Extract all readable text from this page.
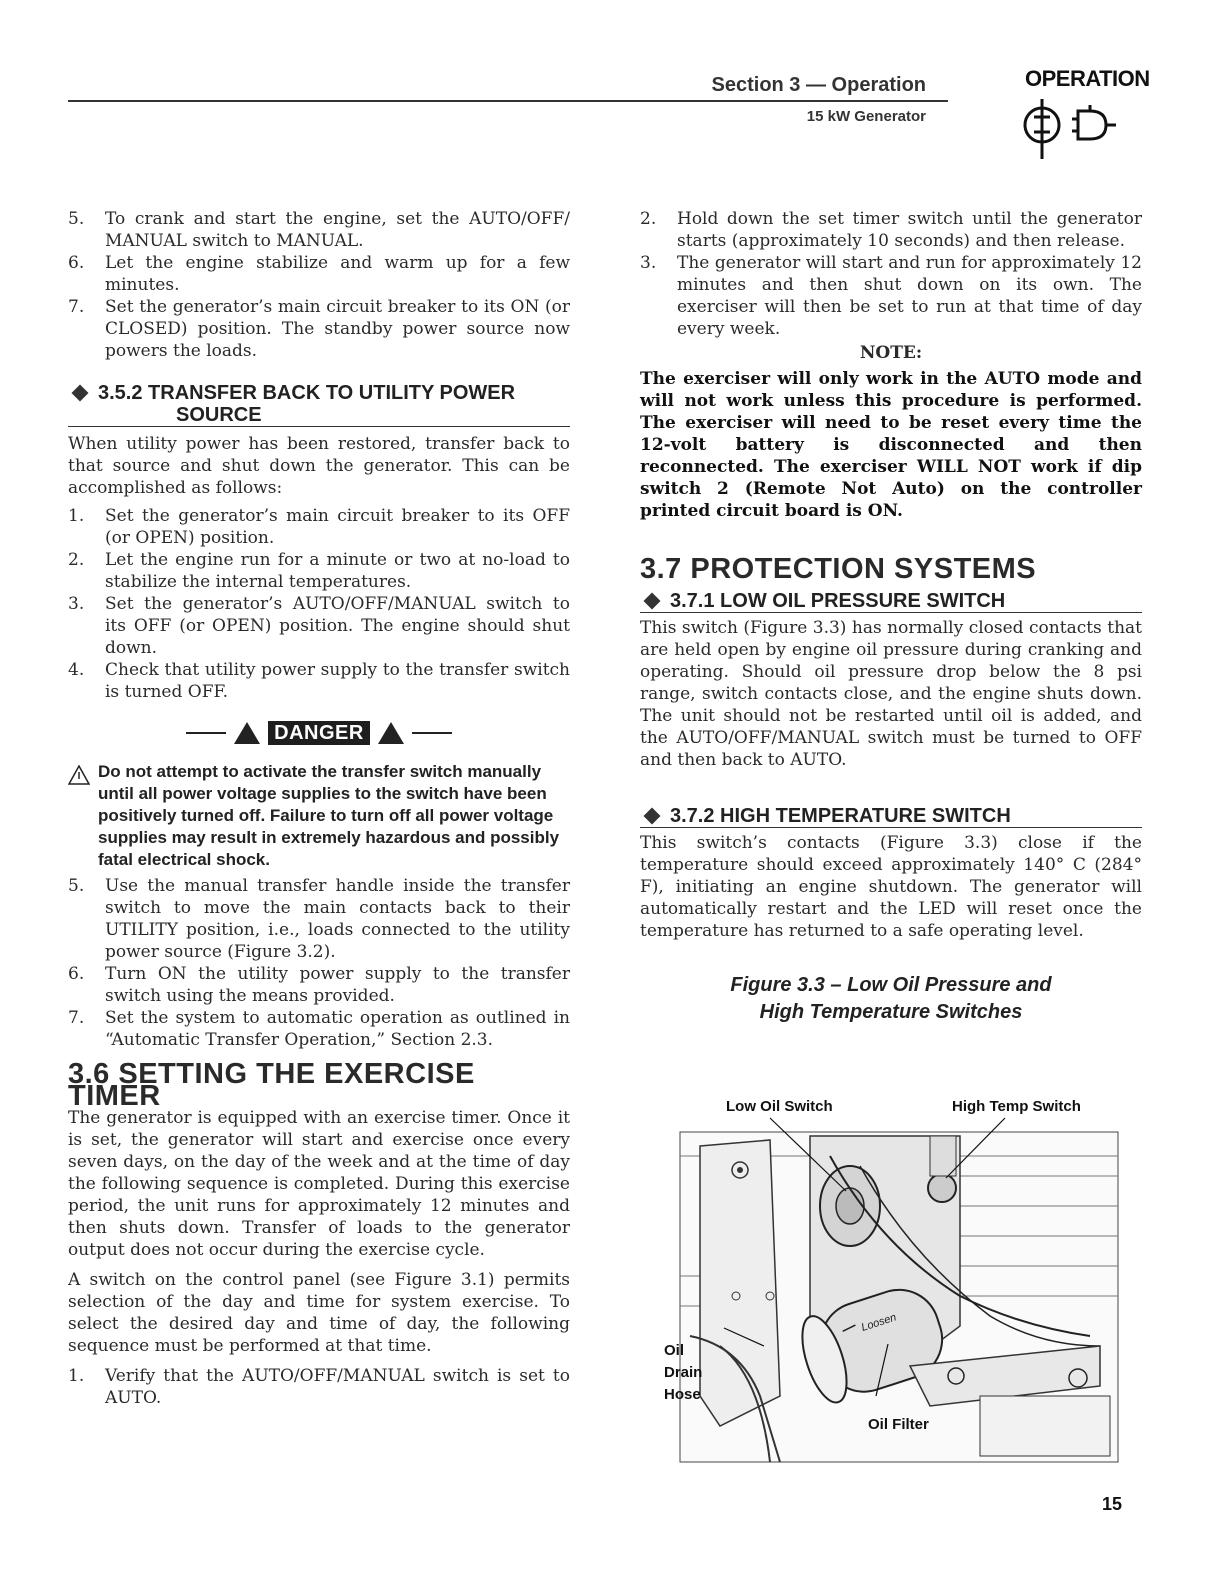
Section 3 — Operation
15 kW Generator
OPERATION
5. To crank and start the engine, set the AUTO/OFF/ MANUAL switch to MANUAL.
6. Let the engine stabilize and warm up for a few minutes.
7. Set the generator’s main circuit breaker to its ON (or CLOSED) position. The standby power source now powers the loads.
3.5.2 TRANSFER BACK TO UTILITY POWER
SOURCE

When utility power has been restored, transfer back to that source and shut down the generator. This can be accomplished as follows:

1. Set the generator’s main circuit breaker to its OFF (or OPEN) position.
2. Let the engine run for a minute or two at no-load to stabilize the internal temperatures.
3. Set the generator’s AUTO/OFF/MANUAL switch to its OFF (or OPEN) position. The engine should shut down.
4. Check that utility power supply to the transfer switch is turned OFF.
DANGER
Do not attempt to activate the transfer switch manually until all power voltage supplies to the switch have been positively turned off. Failure to turn off all power voltage supplies may result in extremely hazardous and possibly fatal electrical shock.
5. Use the manual transfer handle inside the transfer switch to move the main contacts back to their UTILITY position, i.e., loads connected to the utility power source (Figure 3.2).
6. Turn ON the utility power supply to the transfer switch using the means provided.
7. Set the system to automatic operation as outlined in “Automatic Transfer Operation,” Section 2.3.
3.6 SETTING THE EXERCISE TIMER

The generator is equipped with an exercise timer. Once it is set, the generator will start and exercise once every seven days, on the day of the week and at the time of day the following sequence is completed. During this exercise period, the unit runs for approximately 12 minutes and then shuts down. Transfer of loads to the generator output does not occur during the exercise cycle.

A switch on the control panel (see Figure 3.1) permits selection of the day and time for system exercise. To select the desired day and time of day, the following sequence must be performed at that time.

1. Verify that the AUTO/OFF/MANUAL switch is set to AUTO.
2. Hold down the set timer switch until the generator starts (approximately 10 seconds) and then release.
3. The generator will start and run for approximately 12 minutes and then shut down on its own. The exerciser will then be set to run at that time of day every week.
NOTE:
The exerciser will only work in the AUTO mode and will not work unless this procedure is performed. The exerciser will need to be reset every time the 12-volt battery is disconnected and then reconnected. The exerciser WILL NOT work if dip switch 2 (Remote Not Auto) on the controller printed circuit board is ON.
3.7 PROTECTION SYSTEMS
3.7.1 LOW OIL PRESSURE SWITCH

This switch (Figure 3.3) has normally closed contacts that are held open by engine oil pressure during cranking and operating. Should oil pressure drop below the 8 psi range, switch contacts close, and the engine shuts down. The unit should not be restarted until oil is added, and the AUTO/OFF/MANUAL switch must be turned to OFF and then back to AUTO.

3.7.2 HIGH TEMPERATURE SWITCH

This switch’s contacts (Figure 3.3) close if the temperature should exceed approximately 140° C (284° F), initiating an engine shutdown. The generator will automatically restart and the LED will reset once the temperature has returned to a safe operating level.

Figure 3.3 – Low Oil Pressure and
High Temperature Switches
Low Oil Switch	High Temp Switch
Loosen
Oil
Drain
Hose
Oil Filter
15
